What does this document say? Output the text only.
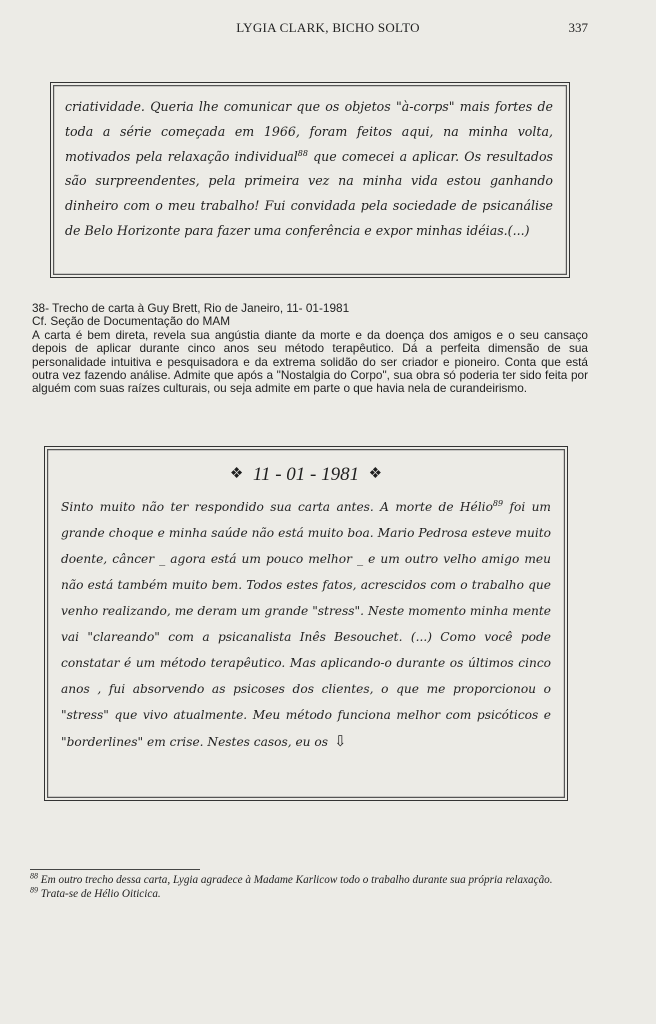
LYGIA CLARK, BICHO SOLTO	337

criatividade. Queria lhe comunicar que os objetos "à-corps" mais fortes de toda a série começada em 1966, foram feitos aqui, na minha volta, motivados pela relaxação individual$^{88}$ que comecei a aplicar. Os resultados são surpreendentes, pela primeira vez na minha vida estou ganhando dinheiro com o meu trabalho! Fui convidada pela sociedade de psicanálise de Belo Horizonte para fazer uma conferência e expor minhas idéias.(...)

38- Trecho de carta à Guy Brett, Rio de Janeiro, 11- 01-1981

Cf. Seção de Documentação do MAM

A carta é bem direta, revela sua angústia diante da morte e da doença dos amigos e o seu cansaço depois de aplicar durante cinco anos seu método terapêutico. Dá a perfeita dimensão de sua personalidade intuitiva e pesquisadora e da extrema solidão do ser criador e pioneiro. Conta que está outra vez fazendo análise. Admite que após a "Nostalgia do Corpo", sua obra só poderia ter sido feita por alguém com suas raízes culturais, ou seja admite em parte o que havia nela de curandeirismo.

❖ 11 - 01 - 1981 ❖

Sinto muito não ter respondido sua carta antes. A morte de Hélio$^{89}$ foi um grande choque e minha saúde não está muito boa. Mario Pedrosa esteve muito doente, câncer _ agora está um pouco melhor _ e um outro velho amigo meu não está também muito bem. Todos estes fatos, acrescidos com o trabalho que venho realizando, me deram um grande "stress". Neste momento minha mente vai "clareando" com a psicanalista Inês Besouchet. (...) Como você pode constatar é um método terapêutico. Mas aplicando-o durante os últimos cinco anos , fui absorvendo as psicoses dos clientes, o que me proporcionou o "stress" que vivo atualmente. Meu método funciona melhor com psicóticos e "borderlines" em crise. Nestes casos, eu os ⇩

$^{88}$ Em outro trecho dessa carta, Lygia agradece à Madame Karlicow todo o trabalho durante sua própria relaxação.

$^{89}$ Trata-se de Hélio Oiticica.
